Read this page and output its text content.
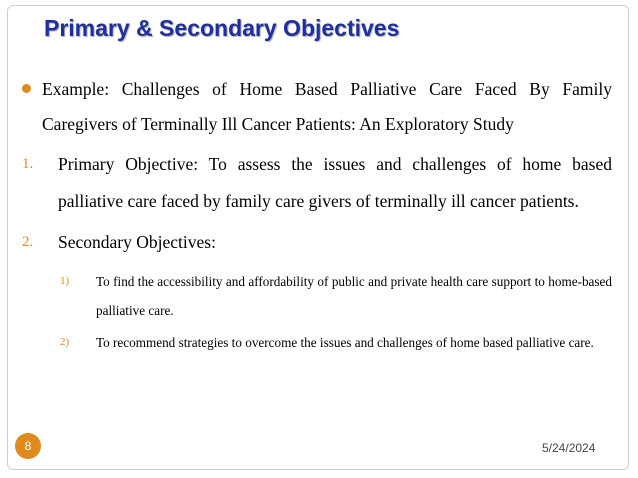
Primary & Secondary Objectives
Example: Challenges of Home Based Palliative Care Faced By Family Caregivers of Terminally Ill Cancer Patients: An Exploratory Study
1. Primary Objective: To assess the issues and challenges of home based palliative care faced by family care givers of terminally ill cancer patients.
2. Secondary Objectives:
1) To find the accessibility and affordability of public and private health care support to home-based palliative care.
2) To recommend strategies to overcome the issues and challenges of home based palliative care.
8	5/24/2024
